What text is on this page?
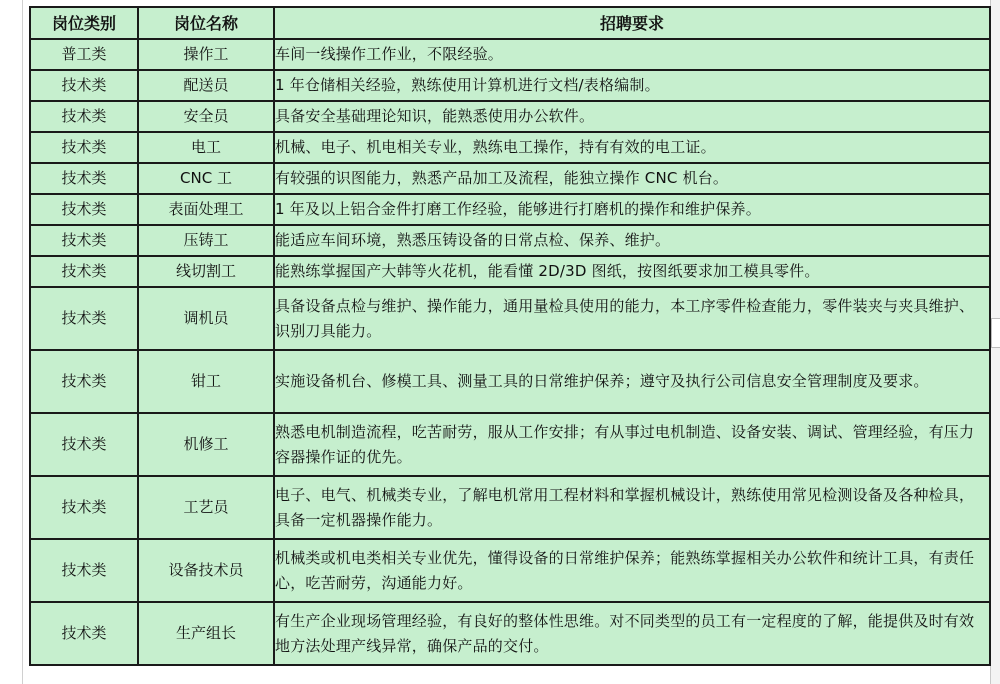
岗位类别	岗位名称	招聘要求
普工类	操作工	车间一线操作工作业，不限经验。
技术类	配送员	1 年仓储相关经验，熟练使用计算机进行文档/表格编制。
技术类	安全员	具备安全基础理论知识，能熟悉使用办公软件。
技术类	电工	机械、电子、机电相关专业，熟练电工操作，持有有效的电工证。
技术类	CNC 工	有较强的识图能力，熟悉产品加工及流程，能独立操作 CNC 机台。
技术类	表面处理工	1 年及以上铝合金件打磨工作经验，能够进行打磨机的操作和维护保养。
技术类	压铸工	能适应车间环境，熟悉压铸设备的日常点检、保养、维护。
技术类	线切割工	能熟练掌握国产大韩等火花机，能看懂 2D/3D 图纸，按图纸要求加工模具零件。
技术类	调机员	具备设备点检与维护、操作能力，通用量检具使用的能力，本工序零件检查能力，零件装夹与夹具维护、识别刀具能力。
技术类	钳工	实施设备机台、修模工具、测量工具的日常维护保养；遵守及执行公司信息安全管理制度及要求。
技术类	机修工	熟悉电机制造流程，吃苦耐劳，服从工作安排；有从事过电机制造、设备安装、调试、管理经验，有压力容器操作证的优先。
技术类	工艺员	电子、电气、机械类专业，了解电机常用工程材料和掌握机械设计，熟练使用常见检测设备及各种检具，具备一定机器操作能力。
技术类	设备技术员	机械类或机电类相关专业优先，懂得设备的日常维护保养；能熟练掌握相关办公软件和统计工具，有责任心，吃苦耐劳，沟通能力好。
技术类	生产组长	有生产企业现场管理经验，有良好的整体性思维。对不同类型的员工有一定程度的了解，能提供及时有效地方法处理产线异常，确保产品的交付。
